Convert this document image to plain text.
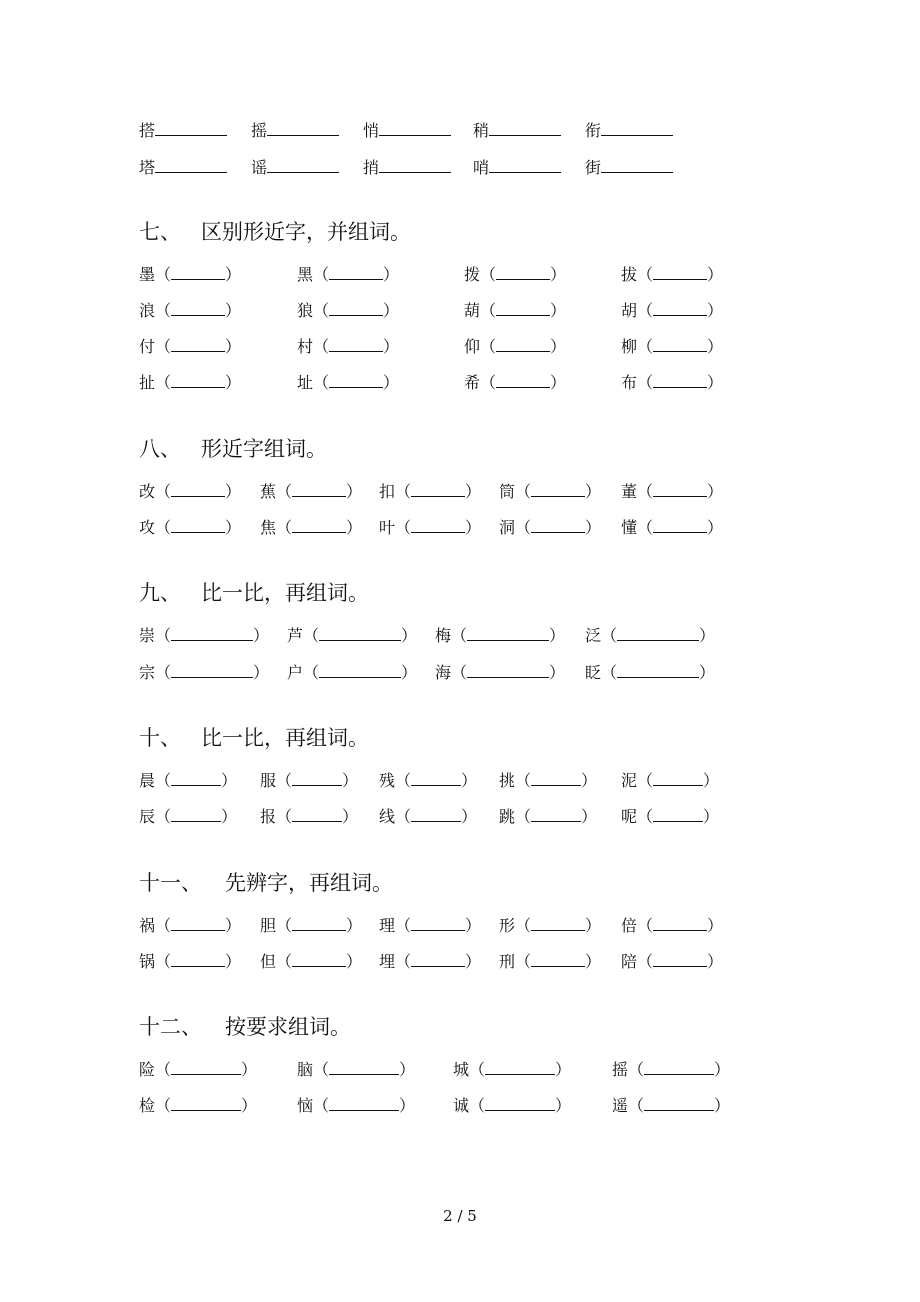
搭	摇	悄	稍	衔
塔	谣	捎	哨	街
七、 区别形近字，并组词。
墨（	）	黑（	）	拨（	）	拔（	）
浪（	）	狼（	）	葫（	）	胡（	）
付（	）	村（	）	仰（	）	柳（	）
扯（	）	址（	）	希（	）	布（	）
八、 形近字组词。
改（	） 蕉（	） 扣（	） 筒（	） 董（	）
攻（	） 焦（	） 叶（	） 洞（	） 懂（	）
九、 比一比，再组词。
崇（	） 芦（	） 梅（	） 泛（	）
宗（	） 户（	） 海（	） 眨（	）
十、 比一比，再组词。
晨（	） 服（	） 残（	） 挑（	） 泥（	）
辰（	） 报（	） 线（	） 跳（	） 呢（	）
十一、 先辨字，再组词。
祸（	） 胆（	） 理（	） 形（	） 倍（	）
锅（	） 但（	） 埋（	） 刑（	） 陪（	）
十二、 按要求组词。
险（	） 脑（	） 城（	）	摇（	）
检（	） 恼（	） 诚（	）	遥（	）
2 / 5
